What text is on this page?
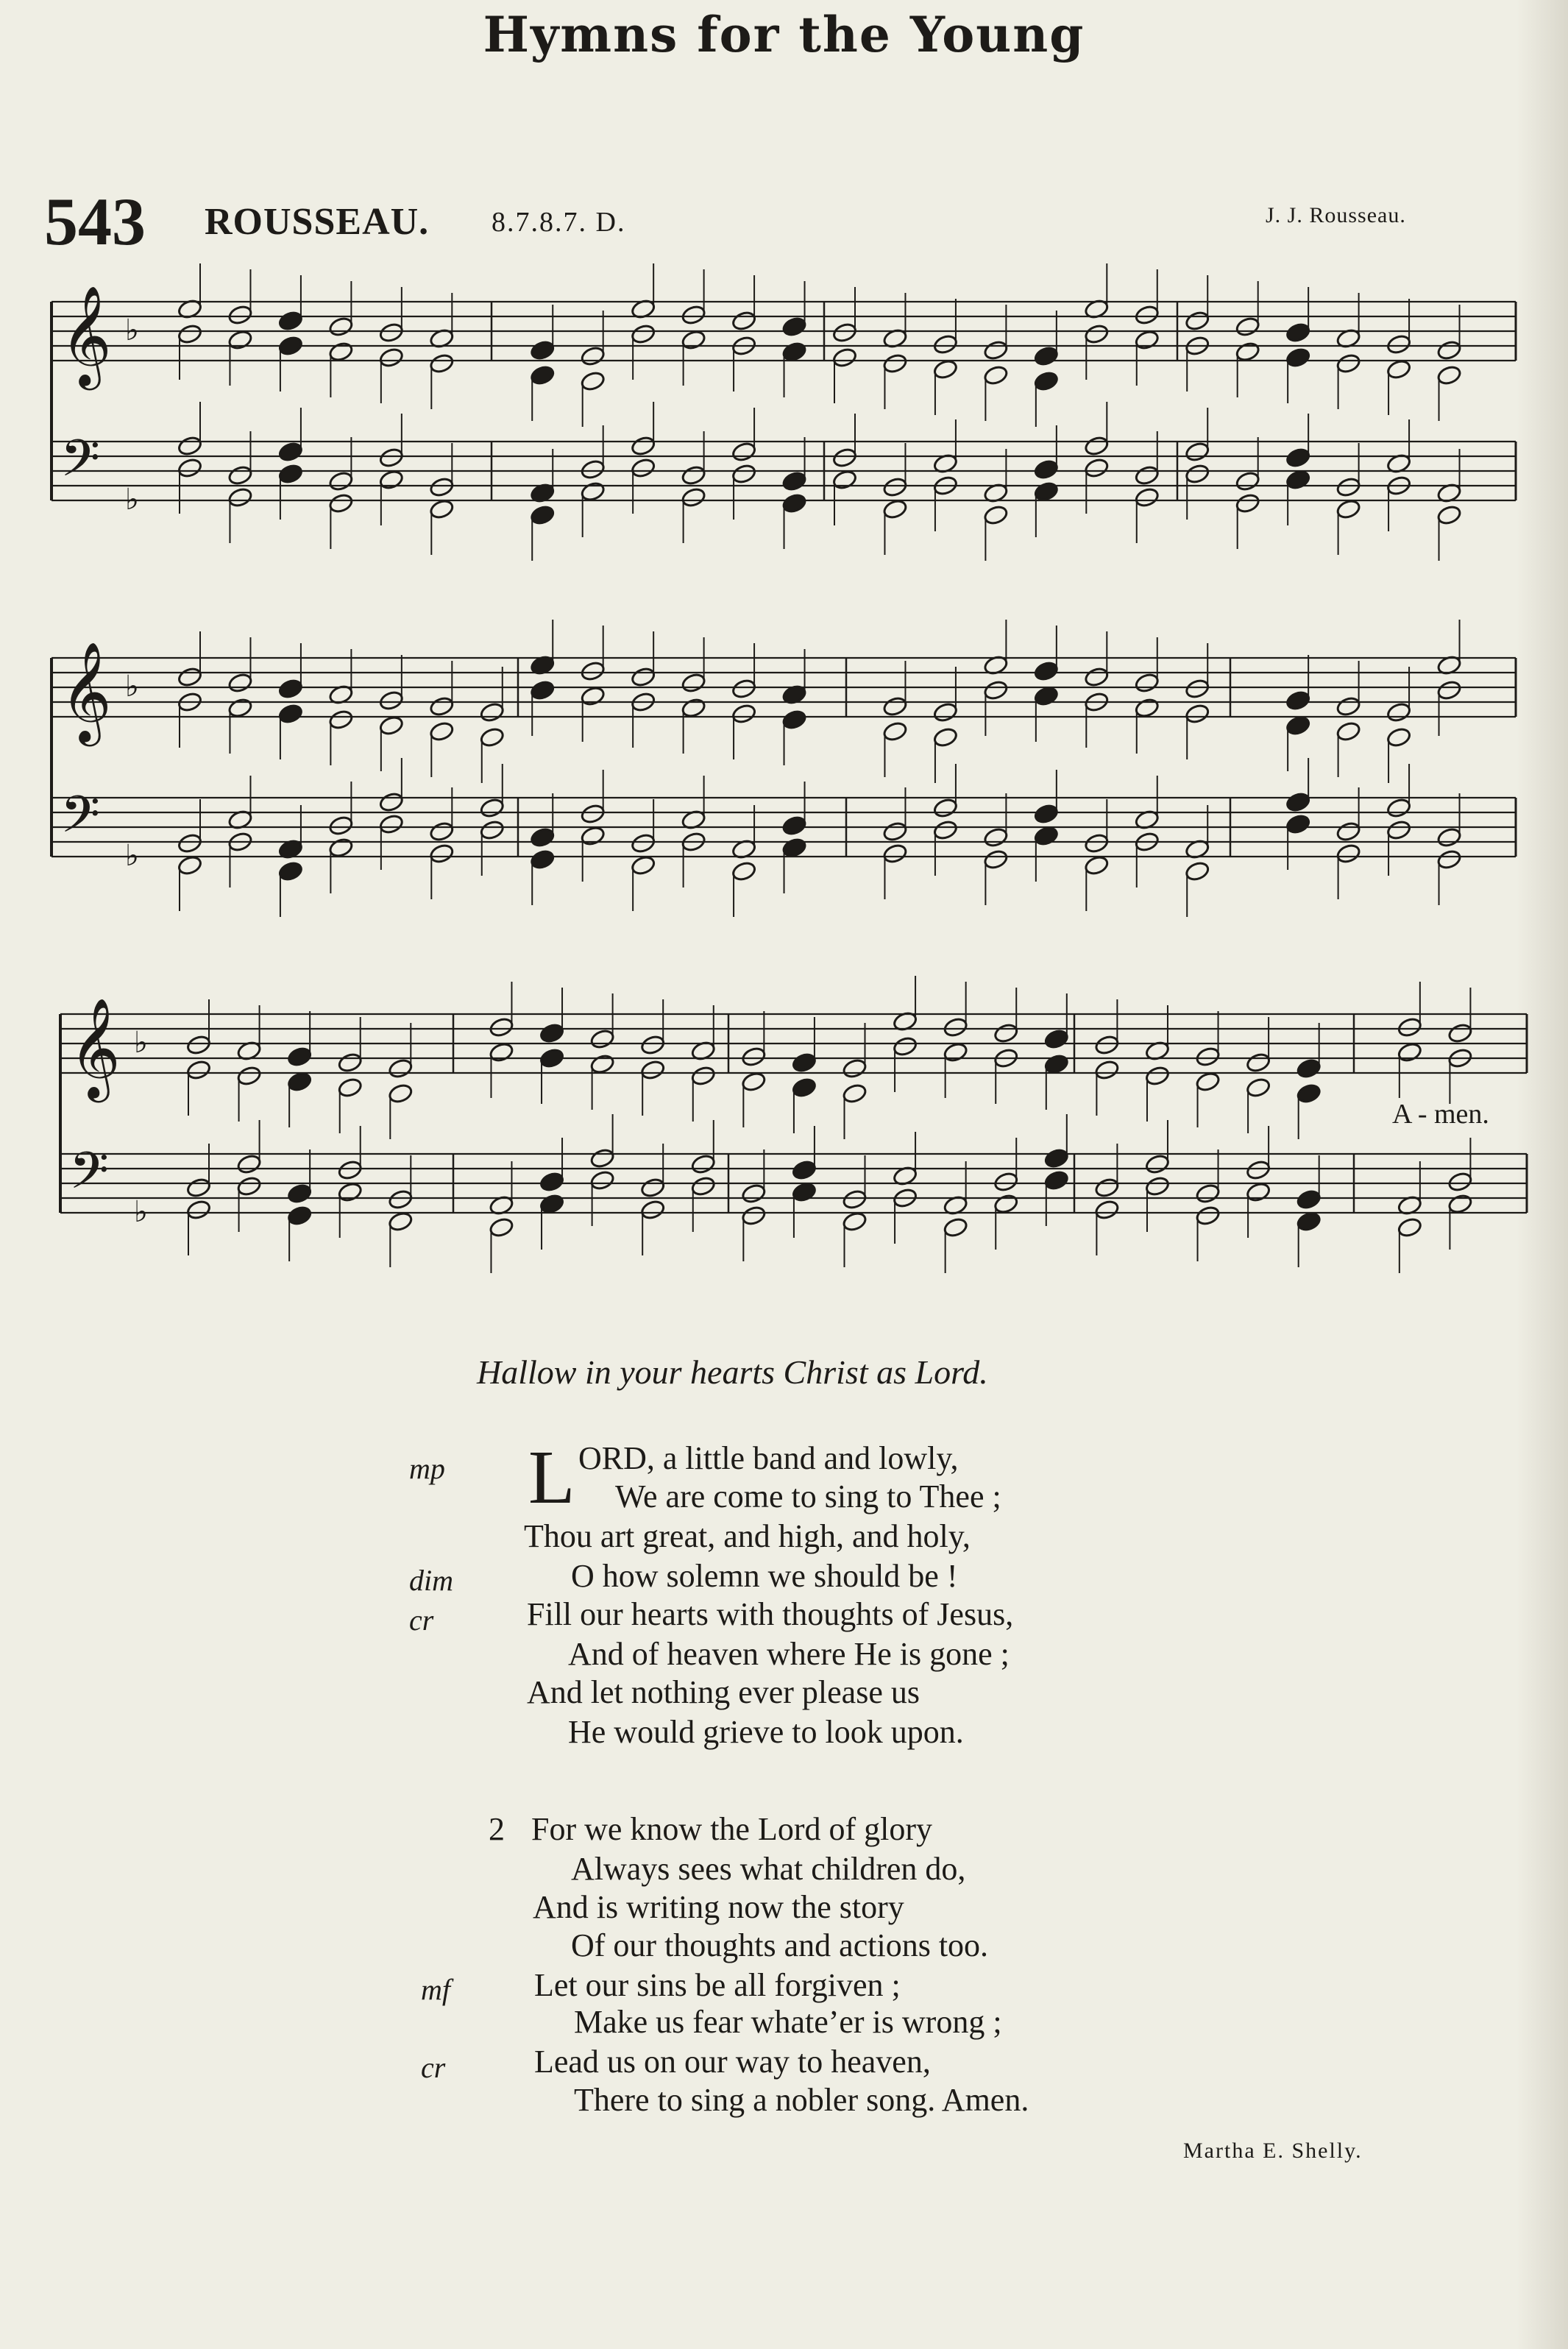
Hymns for the Young
543 ROUSSEAU. 8.7.8.7. D.	J. J. Rousseau.
𝄞
𝄢
♭
♭
𝄞
𝄢
♭
♭
𝄞
𝄢
♭
♭
A - men.
Hallow in your hearts Christ as Lord.
mp
dim
cr
mf
cr
L ORD, a little band and lowly,
We are come to sing to Thee ;
Thou art great, and high, and holy,
O how solemn we should be !
Fill our hearts with thoughts of Jesus,
And of heaven where He is gone ;
And let nothing ever please us
He would grieve to look upon.
2 For we know the Lord of glory
Always sees what children do,
And is writing now the story
Of our thoughts and actions too.
Let our sins be all forgiven ;
Make us fear whate’er is wrong ;
Lead us on our way to heaven,
There to sing a nobler song. Amen.
Martha E. Shelly.
